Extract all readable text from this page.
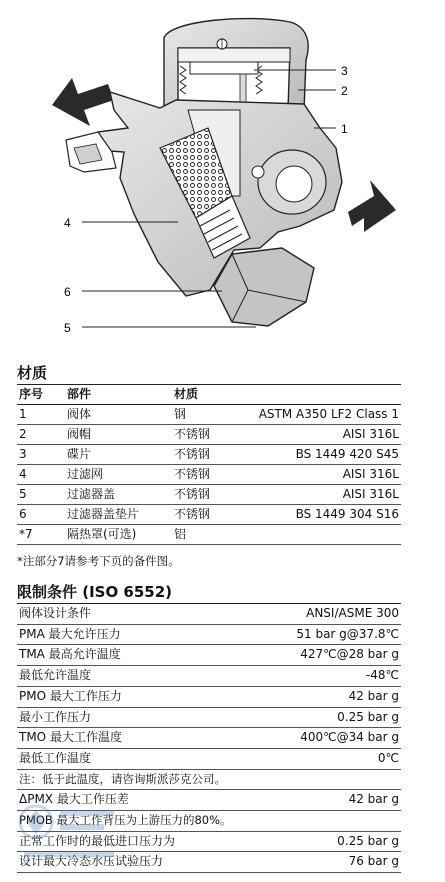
3
2
1
4
6
5
材质
序号	部件	材质	
1	阀体	钢	ASTM A350 LF2 Class 1
2	阀帽	不锈钢	AISI 316L
3	碟片	不锈钢	BS 1449 420 S45
4	过滤网	不锈钢	AISI 316L
5	过滤器盖	不锈钢	AISI 316L
6	过滤器盖垫片	不锈钢	BS 1449 304 S16
*7	隔热罩(可选)	铝	
*注部分7请参考下页的备件图。
限制条件 (ISO 6552)
阀体设计条件	ANSI/ASME 300
PMA 最大允许压力	51 bar g@37.8℃
TMA 最高允许温度	427℃@28 bar g
最低允许温度	-48℃
PMO 最大工作压力	42 bar g
最小工作压力	0.25 bar g
TMO 最大工作温度	400℃@34 bar g
最低工作温度	0℃
注：低于此温度，请咨询斯派莎克公司。	
ΔPMX 最大工作压差	42 bar g
PMOB 最大工作背压为上游压力的80%。	
正常工作时的最低进口压力为	0.25 bar g
设计最大冷态水压试验压力	76 bar g
